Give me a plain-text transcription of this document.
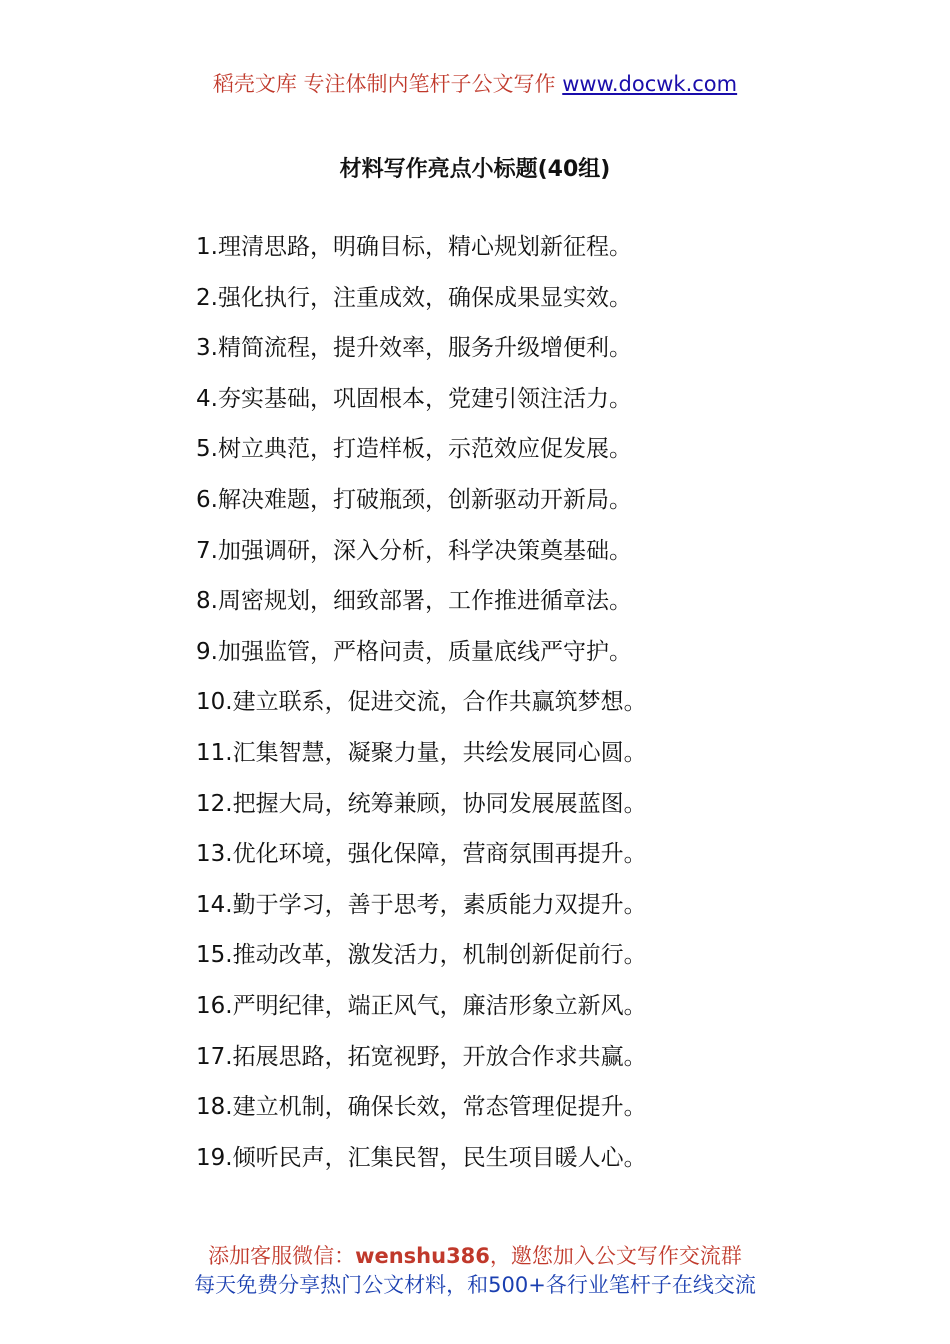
稻壳文库 专注体制内笔杆子公文写作 www.docwk.com
材料写作亮点小标题(40组)
1.理清思路，明确目标，精心规划新征程。
2.强化执行，注重成效，确保成果显实效。
3.精简流程，提升效率，服务升级增便利。
4.夯实基础，巩固根本，党建引领注活力。
5.树立典范，打造样板，示范效应促发展。
6.解决难题，打破瓶颈，创新驱动开新局。
7.加强调研，深入分析，科学决策奠基础。
8.周密规划，细致部署，工作推进循章法。
9.加强监管，严格问责，质量底线严守护。
10.建立联系，促进交流，合作共赢筑梦想。
11.汇集智慧，凝聚力量，共绘发展同心圆。
12.把握大局，统筹兼顾，协同发展展蓝图。
13.优化环境，强化保障，营商氛围再提升。
14.勤于学习，善于思考，素质能力双提升。
15.推动改革，激发活力，机制创新促前行。
16.严明纪律，端正风气，廉洁形象立新风。
17.拓展思路，拓宽视野，开放合作求共赢。
18.建立机制，确保长效，常态管理促提升。
19.倾听民声，汇集民智，民生项目暖人心。
添加客服微信：wenshu386，邀您加入公文写作交流群
每天免费分享热门公文材料，和500+各行业笔杆子在线交流
